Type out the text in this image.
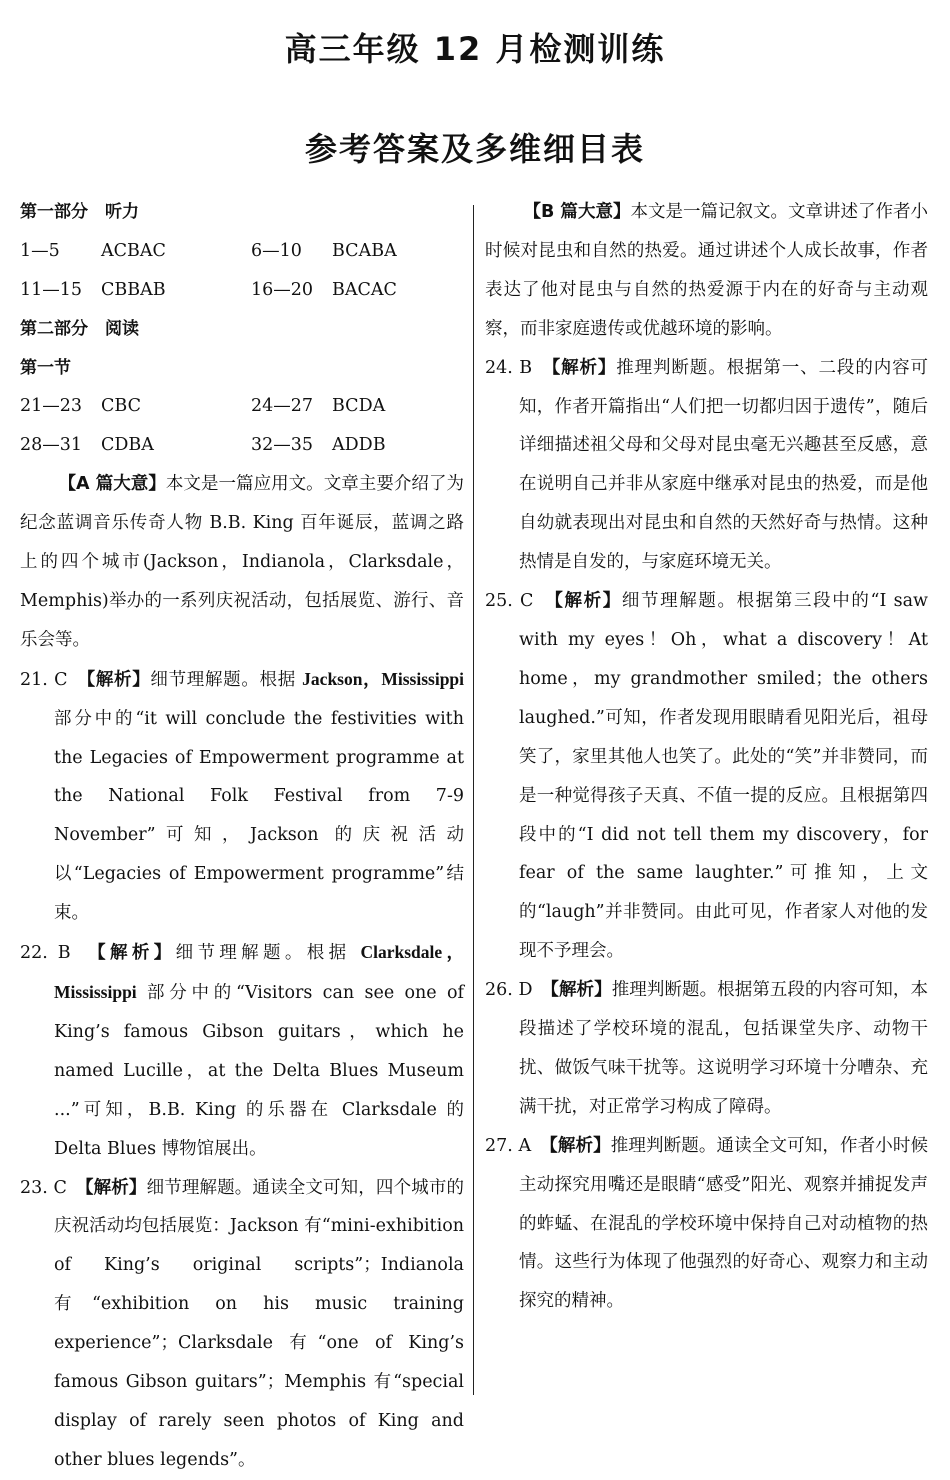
高三年级 12 月检测训练
参考答案及多维细目表
第一部分　听力
1—5 ACBAC	6—10 BCABA
11—15 CBBAB	16—20 BACAC
第二部分　阅读
第一节
21—23 CBC	24—27 BCDA
28—31 CDBA	32—35 ADDB

【A 篇大意】本文是一篇应用文。文章主要介绍了为纪念蓝调音乐传奇人物 B.B. King 百年诞辰，蓝调之路上的四个城市(Jackson，Indianola，Clarksdale，Memphis)举办的一系列庆祝活动，包括展览、游行、音乐会等。

21. C　 【解析】细节理解题。根据 Jackson，Mississippi 部分中的“it will conclude the festivities with the Legacies of Empowerment programme at the National Folk Festival from 7-9 November”可知，Jackson 的庆祝活动以“Legacies of Empowerment programme”结束。

22. B　 【解析】细节理解题。根据 Clarksdale，Mississippi 部分中的“Visitors can see one of King’s famous Gibson guitars，which he named Lucille，at the Delta Blues Museum ...”可知，B.B. King 的乐器在 Clarksdale 的 Delta Blues 博物馆展出。

23. C　 【解析】细节理解题。通读全文可知，四个城市的庆祝活动均包括展览：Jackson 有“mini-exhibition of King’s original scripts”；Indianola 有“exhibition on his music training experience”；Clarksdale 有“one of King’s famous Gibson guitars”；Memphis 有“special display of rarely seen photos of King and other blues legends”。

【B 篇大意】本文是一篇记叙文。文章讲述了作者小时候对昆虫和自然的热爱。通过讲述个人成长故事，作者表达了他对昆虫与自然的热爱源于内在的好奇与主动观察，而非家庭遗传或优越环境的影响。

24. B　 【解析】推理判断题。根据第一、二段的内容可知，作者开篇指出“人们把一切都归因于遗传”，随后详细描述祖父母和父母对昆虫毫无兴趣甚至反感，意在说明自己并非从家庭中继承对昆虫的热爱，而是他自幼就表现出对昆虫和自然的天然好奇与热情。这种热情是自发的，与家庭环境无关。

25. C　 【解析】细节理解题。根据第三段中的“I saw with my eyes！Oh，what a discovery！At home，my grandmother smiled；the others laughed.”可知，作者发现用眼睛看见阳光后，祖母笑了，家里其他人也笑了。此处的“笑”并非赞同，而是一种觉得孩子天真、不值一提的反应。且根据第四段中的“I did not tell them my discovery，for fear of the same laughter.”可推知，上文的“laugh”并非赞同。由此可见，作者家人对他的发现不予理会。

26. D　 【解析】推理判断题。根据第五段的内容可知，本段描述了学校环境的混乱，包括课堂失序、动物干扰、做饭气味干扰等。这说明学习环境十分嘈杂、充满干扰，对正常学习构成了障碍。

27. A　 【解析】推理判断题。通读全文可知，作者小时候主动探究用嘴还是眼睛“感受”阳光、观察并捕捉发声的蚱蜢、在混乱的学校环境中保持自己对动植物的热情。这些行为体现了他强烈的好奇心、观察力和主动探究的精神。
